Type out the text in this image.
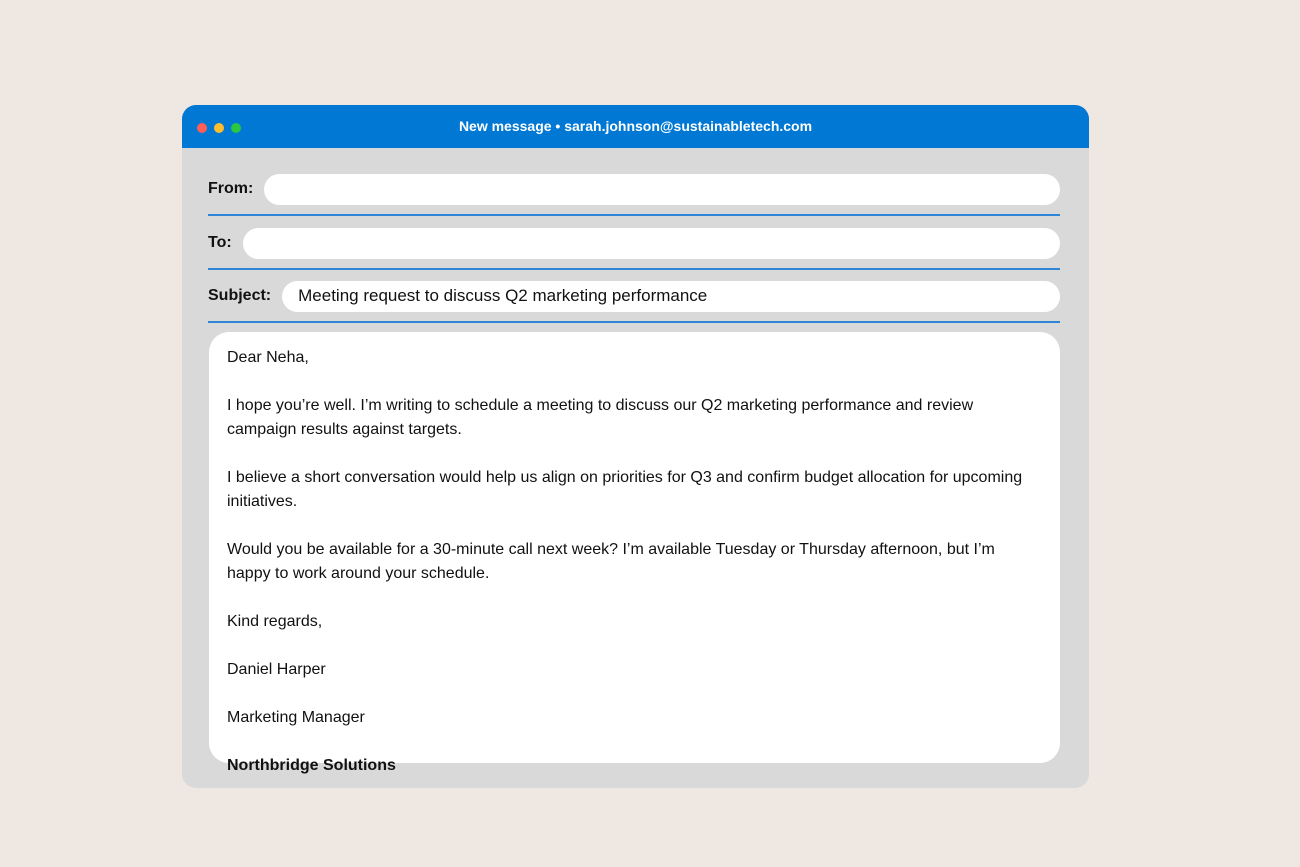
New message • sarah.johnson@sustainabletech.com
From:
To:
Subject:	Meeting request to discuss Q2 marketing performance

Dear Neha,

I hope you’re well. I’m writing to schedule a meeting to discuss our Q2 marketing performance and review campaign results against targets.

I believe a short conversation would help us align on priorities for Q3 and confirm budget allocation for upcoming initiatives.

Would you be available for a 30-minute call next week? I’m available Tuesday or Thursday afternoon, but I’m happy to work around your schedule.

Kind regards,

Daniel Harper

Marketing Manager

Northbridge Solutions
